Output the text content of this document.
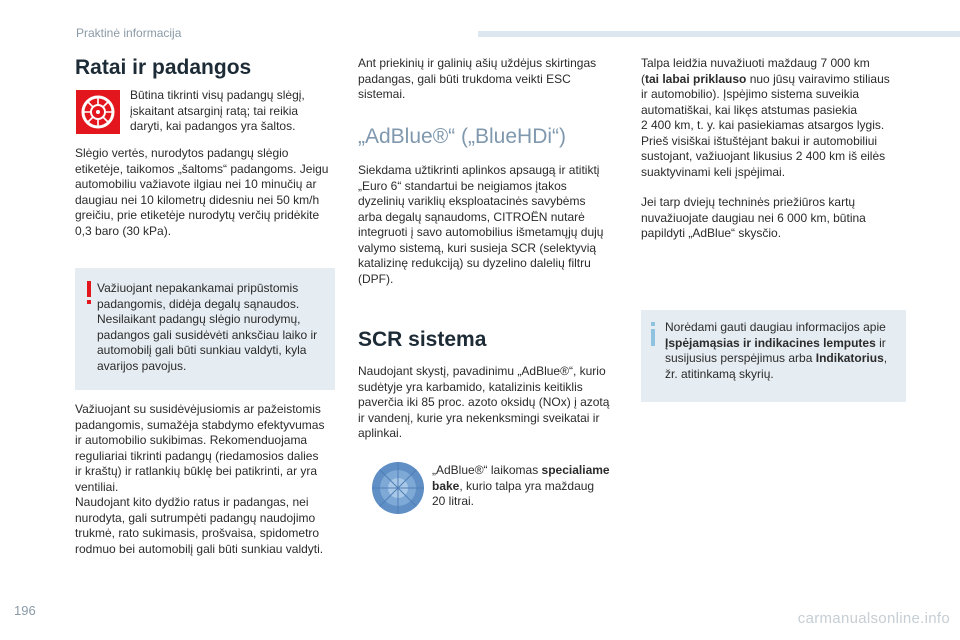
Praktinė informacija
Ratai ir padangos
Būtina tikrinti visų padangų slėgį,
įskaitant atsarginį ratą; tai reikia
daryti, kai padangos yra šaltos.
Slėgio vertės, nurodytos padangų slėgio
etiketėje, taikomos „šaltoms“ padangoms. Jeigu
automobiliu važiavote ilgiau nei 10 minučių ar
daugiau nei 10 kilometrų didesniu nei 50 km/h
greičiu, prie etiketėje nurodytų verčių pridėkite
0,3 baro (30 kPa).
Važiuojant nepakankamai pripūstomis
padangomis, didėja degalų sąnaudos.
Nesilaikant padangų slėgio nurodymų,
padangos gali susidėvėti anksčiau laiko ir
automobilį gali būti sunkiau valdyti, kyla
avarijos pavojus.
Važiuojant su susidėvėjusiomis ar pažeistomis
padangomis, sumažėja stabdymo efektyvumas
ir automobilio sukibimas. Rekomenduojama
reguliariai tikrinti padangų (riedamosios dalies
ir kraštų) ir ratlankių būklę bei patikrinti, ar yra
ventiliai.
Naudojant kito dydžio ratus ir padangas, nei
nurodyta, gali sutrumpėti padangų naudojimo
trukmė, rato sukimasis, prošvaisa, spidometro
rodmuo bei automobilį gali būti sunkiau valdyti.
Ant priekinių ir galinių ašių uždėjus skirtingas
padangas, gali būti trukdoma veikti ESC
sistemai.
„AdBlue®“ („BlueHDi“)
Siekdama užtikrinti aplinkos apsaugą ir atitiktį
„Euro 6“ standartui be neigiamos įtakos
dyzelinių variklių eksploatacinės savybėms
arba degalų sąnaudoms, CITROËN nutarė
integruoti į savo automobilius išmetamųjų dujų
valymo sistemą, kuri susieja SCR (selektyvią
katalizinę redukciją) su dyzelino dalelių filtru
(DPF).
SCR sistema
Naudojant skystį, pavadinimu „AdBlue®“, kurio
sudėtyje yra karbamido, katalizinis keitiklis
paverčia iki 85 proc. azoto oksidų (NOx) į azotą
ir vandenį, kurie yra nekenksmingi sveikatai ir
aplinkai.
„AdBlue®“ laikomas specialiame
bake, kurio talpa yra maždaug
20 litrai.
Talpa leidžia nuvažiuoti maždaug 7 000 km
(tai labai priklauso nuo jūsų vairavimo stiliaus
ir automobilio). Įspėjimo sistema suveikia
automatiškai, kai likęs atstumas pasiekia
2 400 km, t. y. kai pasiekiamas atsargos lygis.
Prieš visiškai ištuštėjant bakui ir automobiliui
sustojant, važiuojant likusius 2 400 km iš eilės
suaktyvinami keli įspėjimai.
Jei tarp dviejų techninės priežiūros kartų
nuvažiuojate daugiau nei 6 000 km, būtina
papildyti „AdBlue“ skysčio.
Norėdami gauti daugiau informacijos apie
Įspėjamąsias ir indikacines lemputes ir
susijusius perspėjimus arba Indikatorius,
žr. atitinkamą skyrių.
196	carmanualsonline.info
